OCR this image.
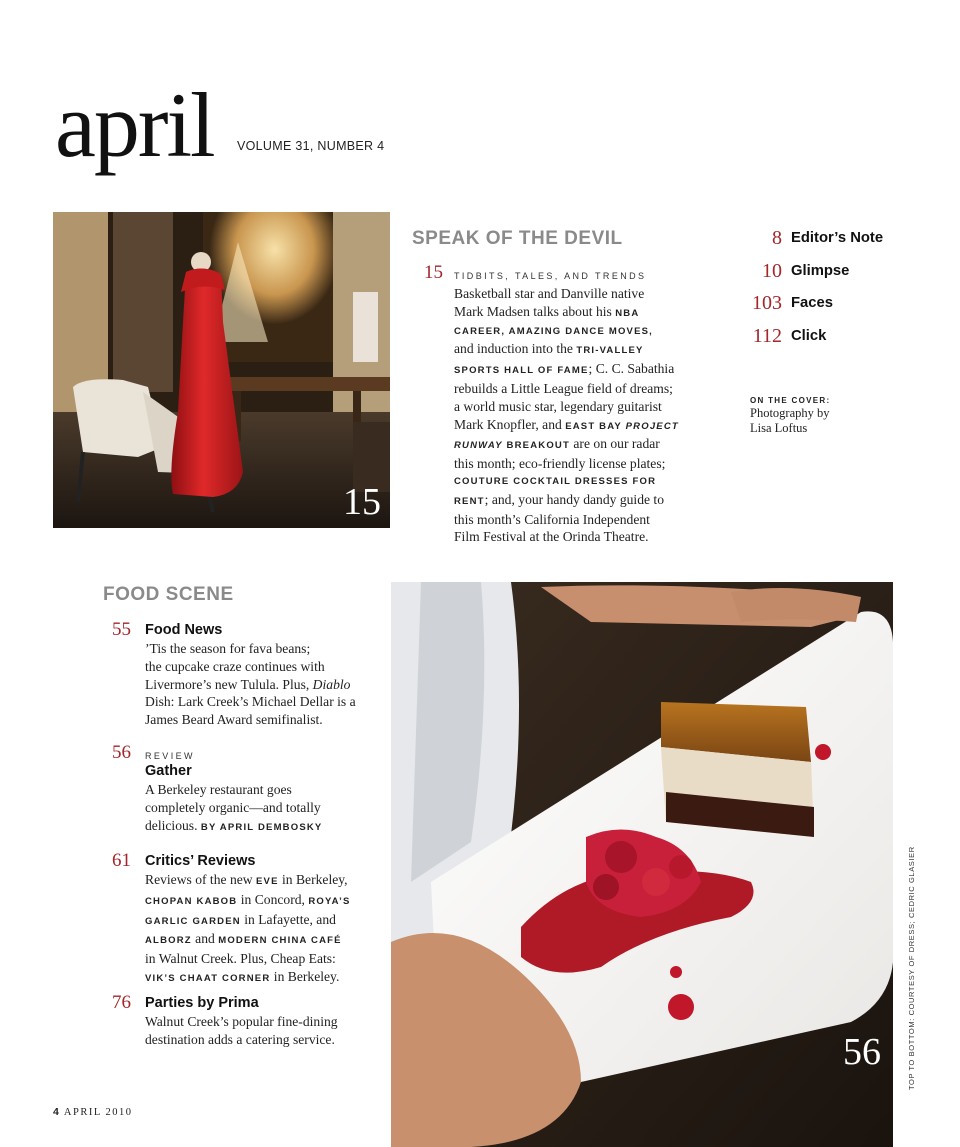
april VOLUME 31, NUMBER 4
15
SPEAK OF THE DEVIL
15 TIDBITS, TALES, AND TRENDS
Basketball star and Danville native
Mark Madsen talks about his NBA
CAREER, AMAZING DANCE MOVES,
and induction into the TRI-VALLEY
SPORTS HALL OF FAME; C. C. Sabathia
rebuilds a Little League field of dreams;
a world music star, legendary guitarist
Mark Knopfler, and EAST BAY PROJECT
RUNWAY BREAKOUT are on our radar
this month; eco-friendly license plates;
COUTURE COCKTAIL DRESSES FOR
RENT; and, your handy dandy guide to
this month’s California Independent
Film Festival at the Orinda Theatre.
8 Editor’s Note
10 Glimpse
103 Faces
112 Click
ON THE COVER:
Photography by
Lisa Loftus
FOOD SCENE
55 Food News
’Tis the season for fava beans;
the cupcake craze continues with
Livermore’s new Tulula. Plus, Diablo
Dish: Lark Creek’s Michael Dellar is a
James Beard Award semifinalist.
56 REVIEW
Gather
A Berkeley restaurant goes
completely organic—and totally
delicious. BY APRIL DEMBOSKY
61 Critics’ Reviews
Reviews of the new EVE in Berkeley,
CHOPAN KABOB in Concord, ROYA’S
GARLIC GARDEN in Lafayette, and
ALBORZ and MODERN CHINA CAFÉ
in Walnut Creek. Plus, Cheap Eats:
VIK’S CHAAT CORNER in Berkeley.
76 Parties by Prima
Walnut Creek’s popular fine-dining
destination adds a catering service.	56	TOP TO BOTTOM: COURTESY OF DRESS; CEDRIC GLASIER
4 APRIL 2010
